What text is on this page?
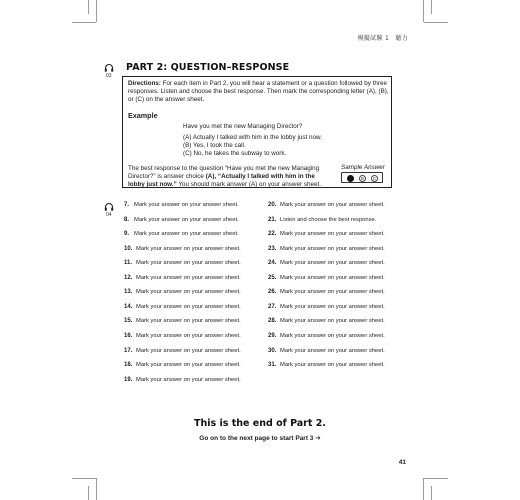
模擬試験 1　聴力
03
PART 2: QUESTION–RESPONSE
Directions: For each item in Part 2, you will hear a statement or a question followed by three responses. Listen and choose the best response. Then mark the corresponding letter (A), (B), or (C) on the answer sheet.
Example
Have you met the new Managing Director?
(A) Actually I talked with him in the lobby just now.
(B) Yes, I took the call.
(C) No, he takes the subway to work.
The best response to the question “Have you met the new Managing Director?” is answer choice (A), “Actually I talked with him in the lobby just now.” You should mark answer (A) on your answer sheet.
Sample Answer
B	C
04
7. Mark your answer on your answer sheet.
8. Mark your answer on your answer sheet.
9. Mark your answer on your answer sheet.
10. Mark your answer on your answer sheet.
11. Mark your answer on your answer sheet.
12. Mark your answer on your answer sheet.
13. Mark your answer on your answer sheet.
14. Mark your answer on your answer sheet.
15. Mark your answer on your answer sheet.
16. Mark your answer on your answer sheet.
17. Mark your answer on your answer sheet.
18. Mark your answer on your answer sheet.
19. Mark your answer on your answer sheet.
20. Mark your answer on your answer sheet.
21. Listen and choose the best response.
22. Mark your answer on your answer sheet.
23. Mark your answer on your answer sheet.
24. Mark your answer on your answer sheet.
25. Mark your answer on your answer sheet.
26. Mark your answer on your answer sheet.
27. Mark your answer on your answer sheet.
28. Mark your answer on your answer sheet.
29. Mark your answer on your answer sheet.
30. Mark your answer on your answer sheet.
31. Mark your answer on your answer sheet.
This is the end of Part 2.
Go on to the next page to start Part 3 ➔
41
